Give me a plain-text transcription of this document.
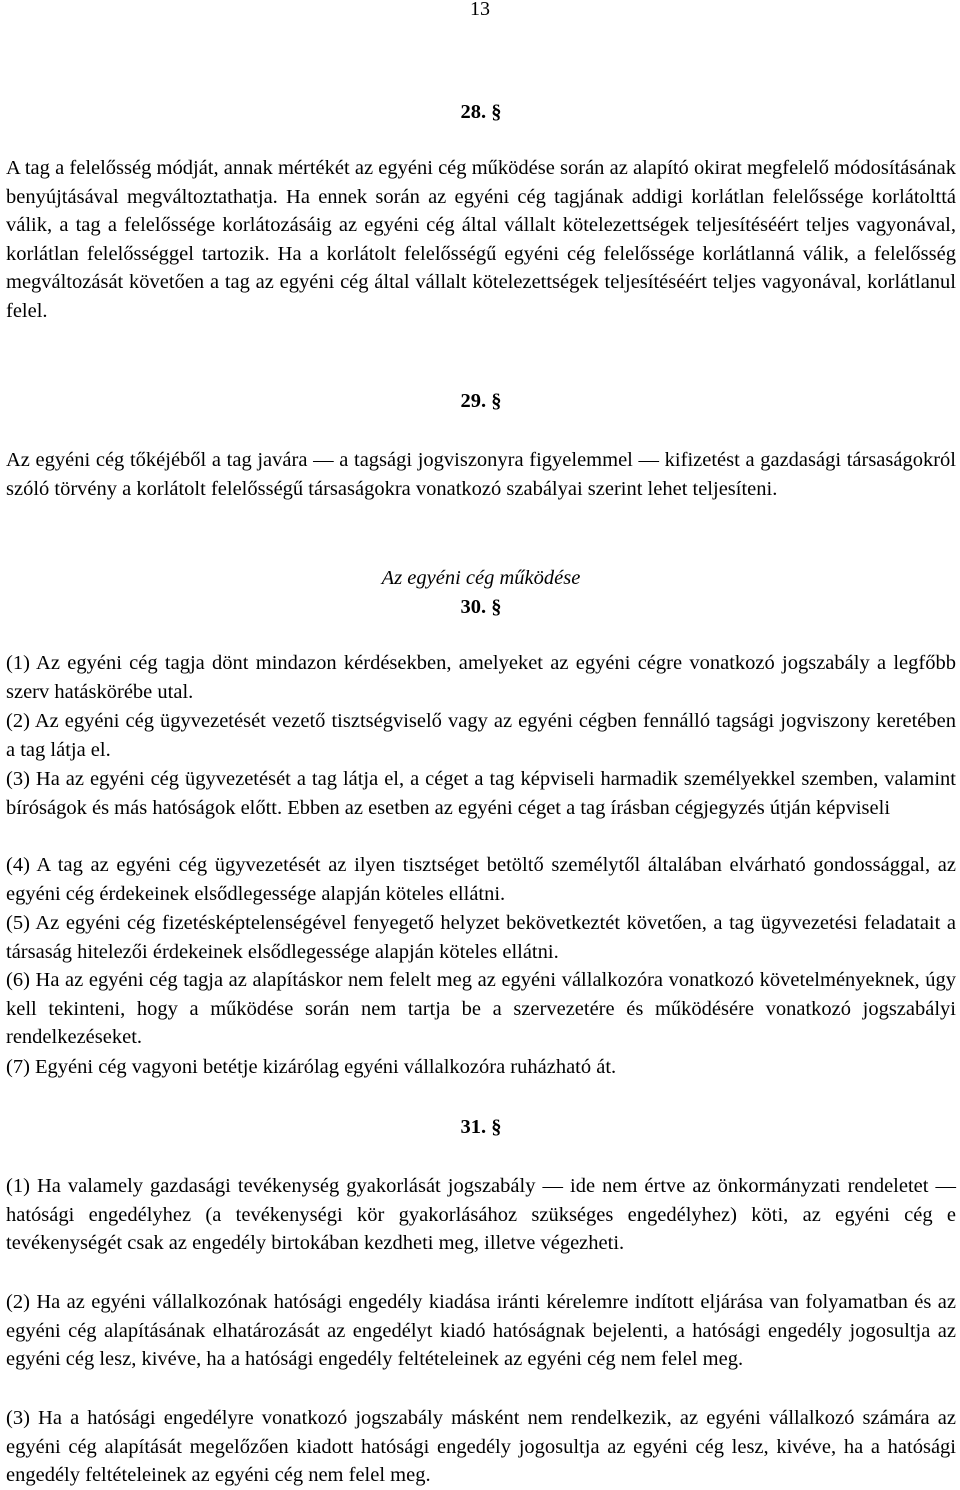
13
28. §
A tag a felelősség módját, annak mértékét az egyéni cég működése során az alapító okirat megfelelő módosításának benyújtásával megváltoztathatja. Ha ennek során az egyéni cég tagjának addigi korlátlan felelőssége korlátolttá válik, a tag a felelőssége korlátozásáig az egyéni cég által vállalt kötelezettségek teljesítéséért teljes vagyonával, korlátlan felelősséggel tartozik. Ha a korlátolt felelősségű egyéni cég felelőssége korlátlanná válik, a felelősség megváltozását követően a tag az egyéni cég által vállalt kötelezettségek teljesítéséért teljes vagyonával, korlátlanul felel.
29. §
Az egyéni cég tőkéjéből a tag javára — a tagsági jogviszonyra figyelemmel — kifizetést a gazdasági társaságokról szóló törvény a korlátolt felelősségű társaságokra vonatkozó szabályai szerint lehet teljesíteni.
Az egyéni cég működése
30. §
(1) Az egyéni cég tagja dönt mindazon kérdésekben, amelyeket az egyéni cégre vonatkozó jogszabály a legfőbb szerv hatáskörébe utal.
(2) Az egyéni cég ügyvezetését vezető tisztségviselő vagy az egyéni cégben fennálló tagsági jogviszony keretében a tag látja el.
(3) Ha az egyéni cég ügyvezetését a tag látja el, a céget a tag képviseli harmadik személyekkel szemben, valamint bíróságok és más hatóságok előtt. Ebben az esetben az egyéni céget a tag írásban cégjegyzés útján képviseli
(4) A tag az egyéni cég ügyvezetését az ilyen tisztséget betöltő személytől általában elvárható gondossággal, az egyéni cég érdekeinek elsődlegessége alapján köteles ellátni.
(5) Az egyéni cég fizetésképtelenségével fenyegető helyzet bekövetkeztét követően, a tag ügyvezetési feladatait a társaság hitelezői érdekeinek elsődlegessége alapján köteles ellátni.
(6) Ha az egyéni cég tagja az alapításkor nem felelt meg az egyéni vállalkozóra vonatkozó követelményeknek, úgy kell tekinteni, hogy a működése során nem tartja be a szervezetére és működésére vonatkozó jogszabályi rendelkezéseket.
(7) Egyéni cég vagyoni betétje kizárólag egyéni vállalkozóra ruházható át.
31. §
(1) Ha valamely gazdasági tevékenység gyakorlását jogszabály — ide nem értve az önkormányzati rendeletet — hatósági engedélyhez (a tevékenységi kör gyakorlásához szükséges engedélyhez) köti, az egyéni cég e tevékenységét csak az engedély birtokában kezdheti meg, illetve végezheti.
(2) Ha az egyéni vállalkozónak hatósági engedély kiadása iránti kérelemre indított eljárása van folyamatban és az egyéni cég alapításának elhatározását az engedélyt kiadó hatóságnak bejelenti, a hatósági engedély jogosultja az egyéni cég lesz, kivéve, ha a hatósági engedély feltételeinek az egyéni cég nem felel meg.
(3) Ha a hatósági engedélyre vonatkozó jogszabály másként nem rendelkezik, az egyéni vállalkozó számára az egyéni cég alapítását megelőzően kiadott hatósági engedély jogosultja az egyéni cég lesz, kivéve, ha a hatósági engedély feltételeinek az egyéni cég nem felel meg.
